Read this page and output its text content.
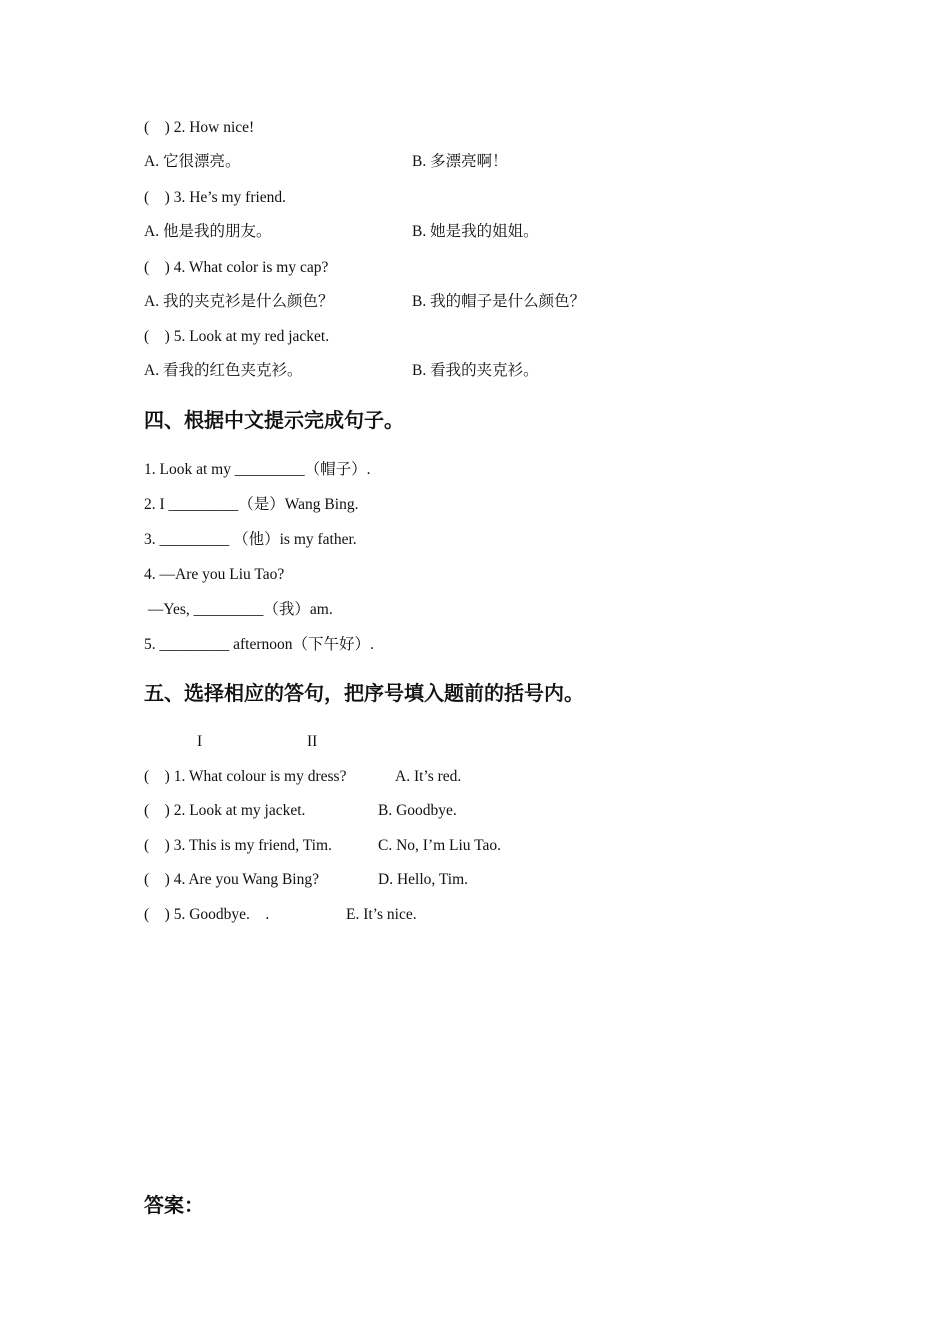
(    ) 2. How nice!
A. 它很漂亮。	B. 多漂亮啊！
(    ) 3. He’s my friend.
A. 他是我的朋友。	B. 她是我的姐姐。
(    ) 4. What color is my cap?
A. 我的夹克衫是什么颜色？	B. 我的帽子是什么颜色？
(    ) 5. Look at my red jacket.
A. 看我的红色夹克衫。	B. 看我的夹克衫。
四、根据中文提示完成句子。
1. Look at my _________（帽子）.
2. I _________（是）Wang Bing.
3. _________ （他）is my father.
4. —Are you Liu Tao?
—Yes, _________（我）am.
5. _________ afternoon（下午好）.
五、选择相应的答句，把序号填入题前的括号内。
I	II
(    ) 1. What colour is my dress?	A. It’s red.
(    ) 2. Look at my jacket.	B. Goodbye.
(    ) 3. This is my friend, Tim.	C. No, I’m Liu Tao.
(    ) 4. Are you Wang Bing?	D. Hello, Tim.
(    ) 5. Goodbye.    .	E. It’s nice.
答案：
